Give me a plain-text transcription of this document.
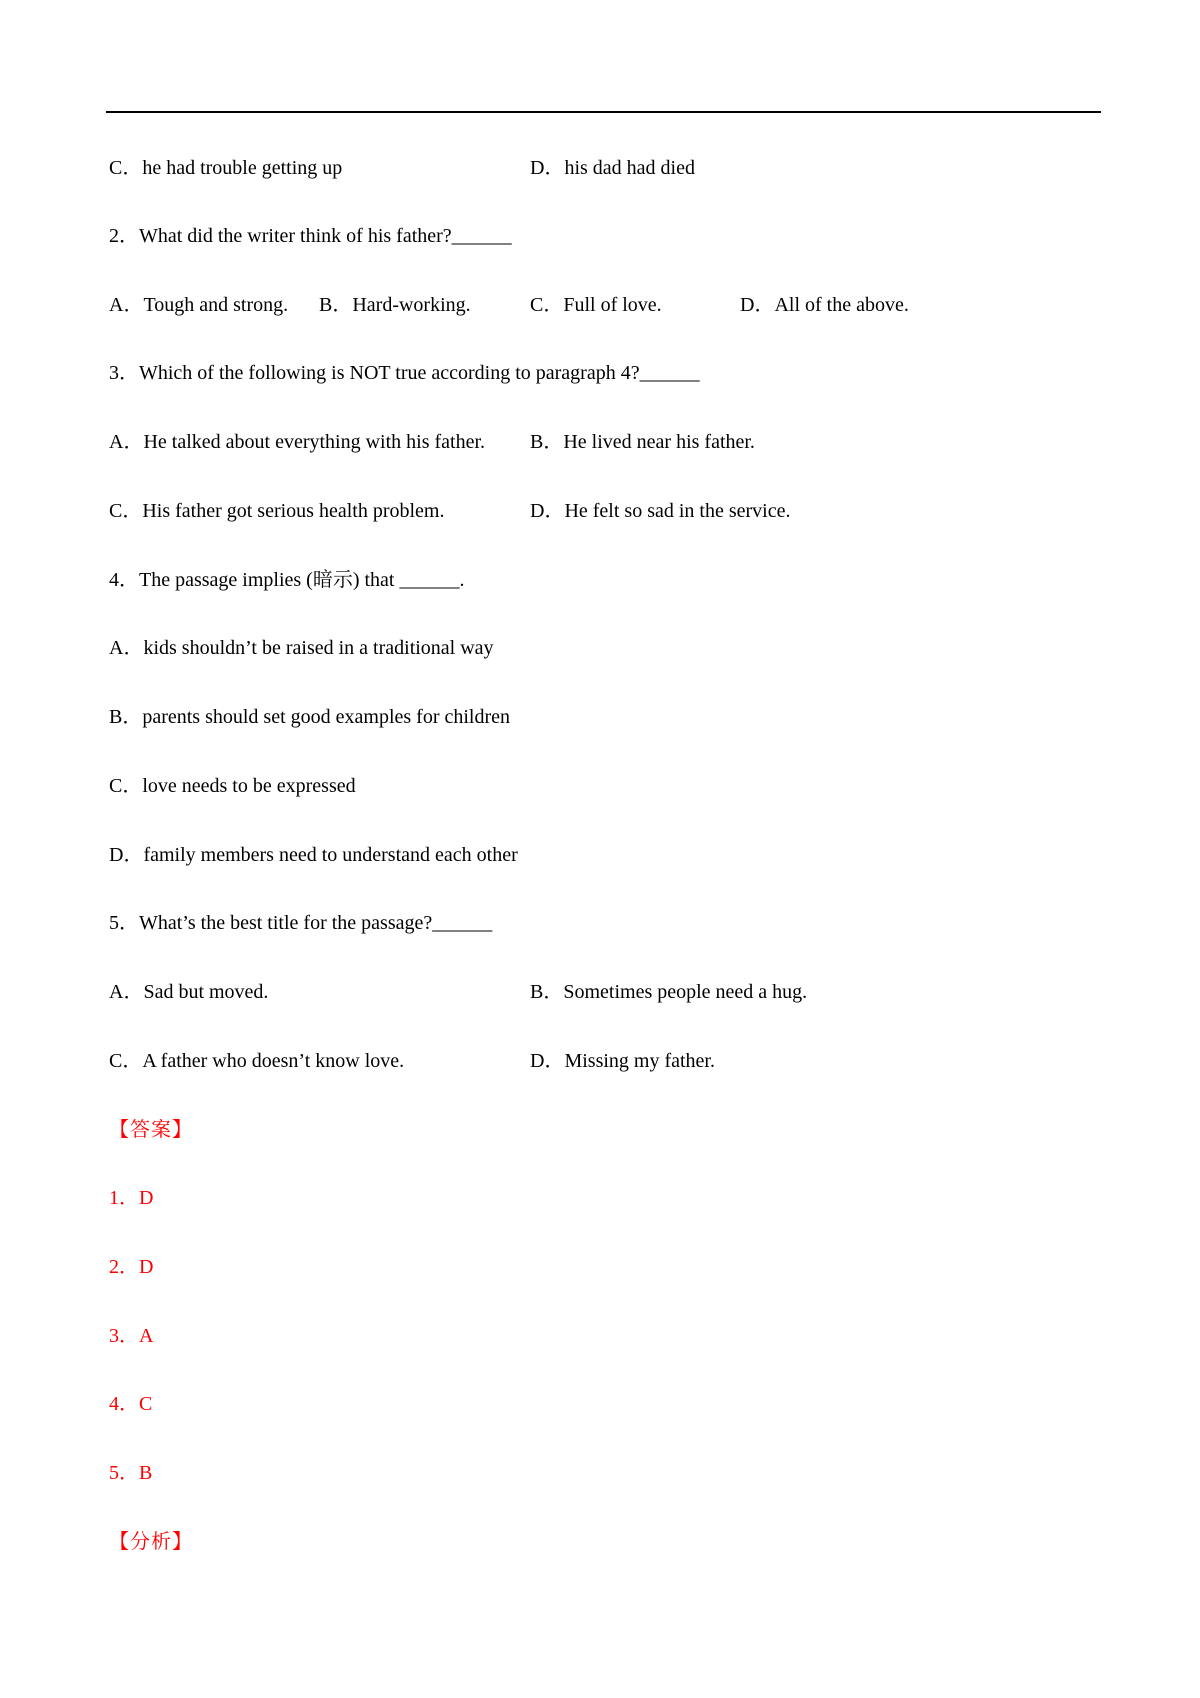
C．he had trouble getting up	D．his dad had died
2．What did the writer think of his father?______
A．Tough and strong. B．Hard-working.	C．Full of love.	D．All of the above.
3．Which of the following is NOT true according to paragraph 4?______
A．He talked about everything with his father. B．He lived near his father.
C．His father got serious health problem.	D．He felt so sad in the service.
4．The passage implies (暗示) that ______.
A．kids shouldn’t be raised in a traditional way
B．parents should set good examples for children
C．love needs to be expressed
D．family members need to understand each other
5．What’s the best title for the passage?______
A．Sad but moved.	B．Sometimes people need a hug.
C．A father who doesn’t know love.	D．Missing my father.
【答案】
1．D
2．D
3．A
4．C
5．B
【分析】
